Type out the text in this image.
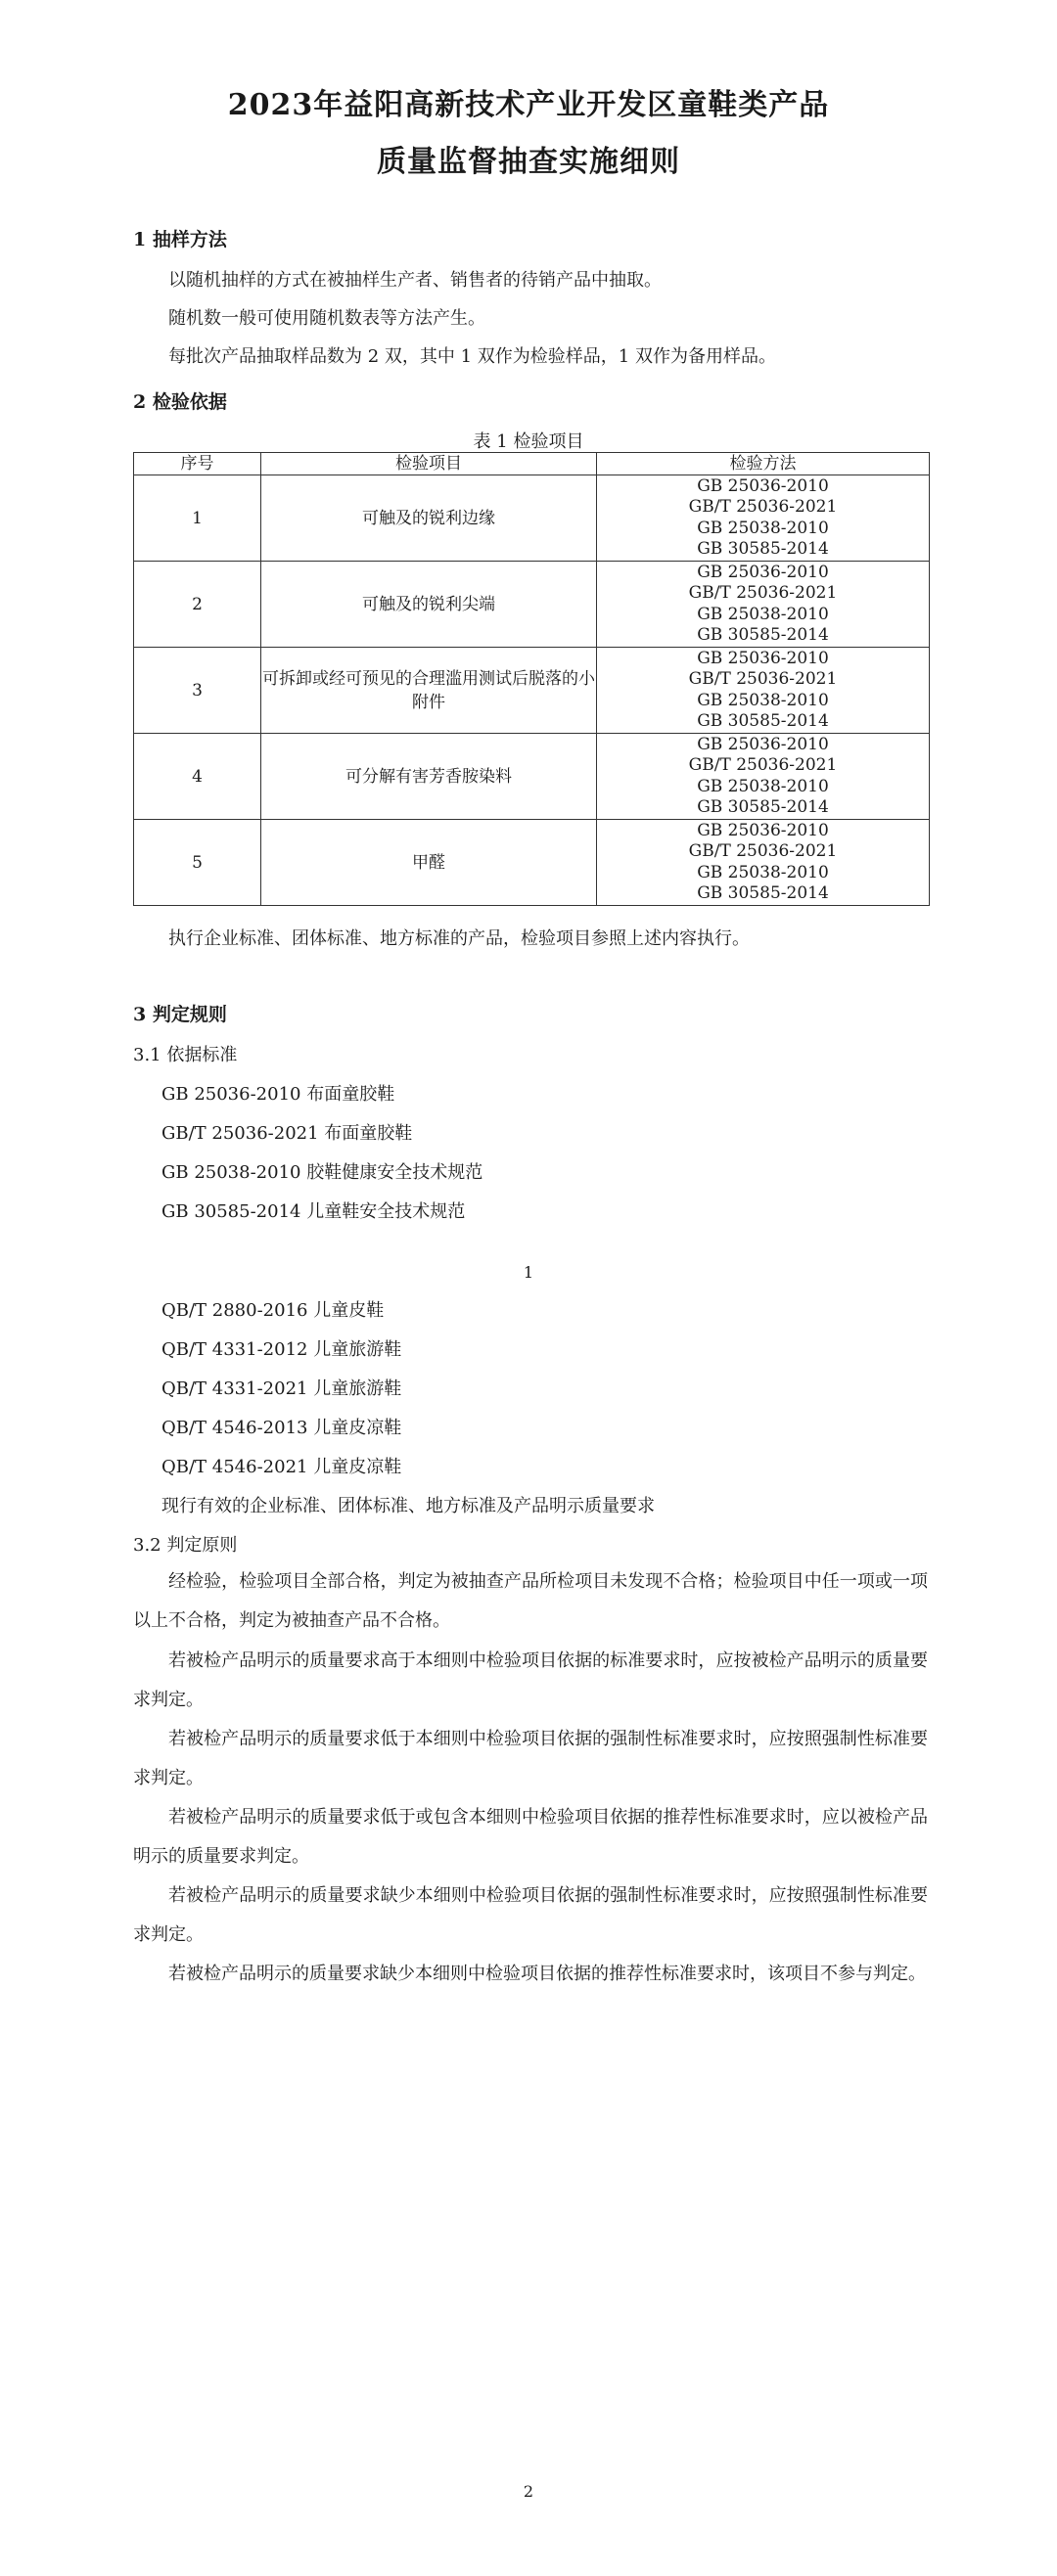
2023年益阳高新技术产业开发区童鞋类产品
质量监督抽查实施细则
1 抽样方法
以随机抽样的方式在被抽样生产者、销售者的待销产品中抽取。
随机数一般可使用随机数表等方法产生。
每批次产品抽取样品数为 2 双，其中 1 双作为检验样品，1 双作为备用样品。
2 检验依据
表 1 检验项目
序号	检验项目	检验方法
1	可触及的锐利边缘	GB 25036-2010
GB/T 25036-2021
GB 25038-2010
GB 30585-2014

2	可触及的锐利尖端	GB 25036-2010
GB/T 25036-2021
GB 25038-2010
GB 30585-2014

3	可拆卸或经可预见的合理滥用测试后脱落的小附件	GB 25036-2010
GB/T 25036-2021
GB 25038-2010
GB 30585-2014

4	可分解有害芳香胺染料	GB 25036-2010
GB/T 25036-2021
GB 25038-2010
GB 30585-2014

5	甲醛	GB 25036-2010
GB/T 25036-2021
GB 25038-2010
GB 30585-2014
执行企业标准、团体标准、地方标准的产品，检验项目参照上述内容执行。
3 判定规则
3.1 依据标准
GB 25036-2010 布面童胶鞋
GB/T 25036-2021 布面童胶鞋
GB 25038-2010 胶鞋健康安全技术规范
GB 30585-2014 儿童鞋安全技术规范
1
QB/T 2880-2016 儿童皮鞋
QB/T 4331-2012 儿童旅游鞋
QB/T 4331-2021 儿童旅游鞋
QB/T 4546-2013 儿童皮凉鞋
QB/T 4546-2021 儿童皮凉鞋
现行有效的企业标准、团体标准、地方标准及产品明示质量要求
3.2 判定原则
经检验，检验项目全部合格，判定为被抽查产品所检项目未发现不合格；检验项目中任一项或一项以上不合格，判定为被抽查产品不合格。
若被检产品明示的质量要求高于本细则中检验项目依据的标准要求时，应按被检产品明示的质量要求判定。
若被检产品明示的质量要求低于本细则中检验项目依据的强制性标准要求时，应按照强制性标准要求判定。
若被检产品明示的质量要求低于或包含本细则中检验项目依据的推荐性标准要求时，应以被检产品明示的质量要求判定。
若被检产品明示的质量要求缺少本细则中检验项目依据的强制性标准要求时，应按照强制性标准要求判定。
若被检产品明示的质量要求缺少本细则中检验项目依据的推荐性标准要求时，该项目不参与判定。
2
